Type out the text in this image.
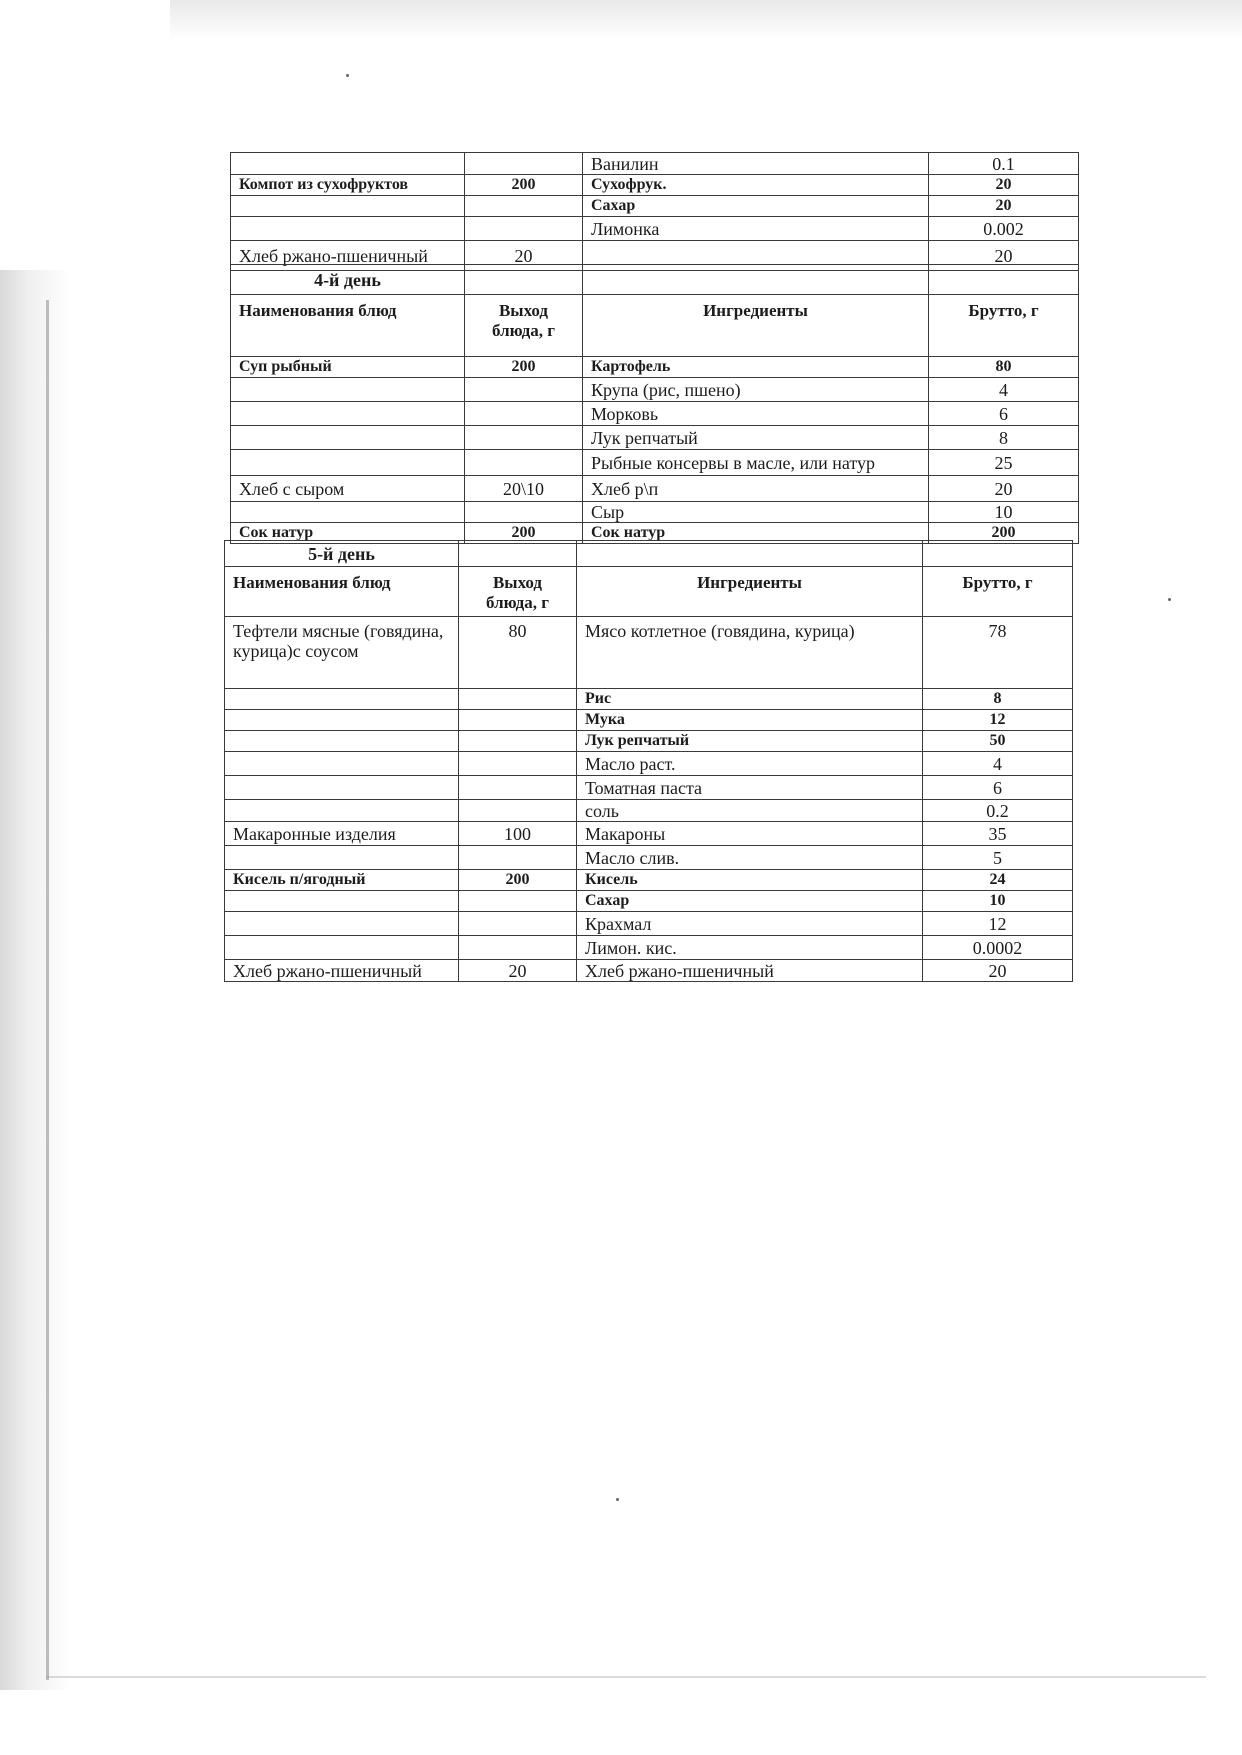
		Ванилин	0.1
Компот из сухофруктов	200	Сухофрук.	20
		Сахар	20
		Лимонка	0.002
Хлеб ржано-пшеничный	20		20
4-й день			
Наименования блюд	Выход блюда, г	Ингредиенты	Брутто, г
Суп рыбный	200	Картофель	80
		Крупа (рис, пшено)	4
		Морковь	6
		Лук репчатый	8
		Рыбные консервы в масле, или натур	25
Хлеб с сыром	20\10	Хлеб р\п	20
		Сыр	10
Сок натур	200	Сок натур	200
5-й день			
Наименования блюд	Выход блюда, г	Ингредиенты	Брутто, г
Тефтели мясные (говядина, курица)с соусом	80	Мясо котлетное (говядина, курица)	78
		Рис	8
		Мука	12
		Лук репчатый	50
		Масло раст.	4
		Томатная паста	6
		соль	0.2
Макаронные изделия	100	Макароны	35
		Масло слив.	5
Кисель п/ягодный	200	Кисель	24
		Сахар	10
		Крахмал	12
		Лимон. кис.	0.0002
Хлеб ржано-пшеничный	20	Хлеб ржано-пшеничный	20
